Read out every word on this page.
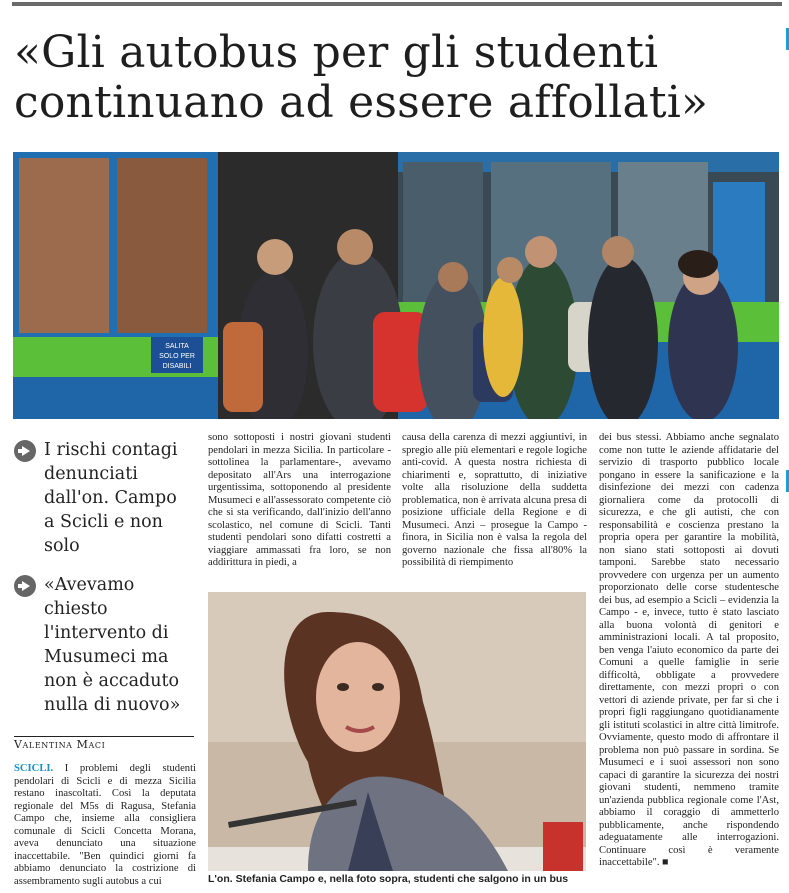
«Gli autobus per gli studenti continuano ad essere affollati»
SALITA
SOLO PER
DISABILI

I rischi contagi denunciati dall'on. Campo a Scicli e non solo

«Avevamo chiesto l'intervento di Musumeci ma non è accaduto nulla di nuovo»

Valentina Maci

SCICLI. I problemi degli studenti pendolari di Scicli e di mezza Sicilia restano inascoltati. Così la deputata regionale del M5s di Ragusa, Stefania Campo che, insieme alla consigliera comunale di Scicli Concetta Morana, aveva denunciato una situazione inaccettabile. "Ben quindici giorni fa abbiamo denunciato la costrizione di assembramento sugli autobus a cui

sono sottoposti i nostri giovani studenti pendolari in mezza Sicilia. In particolare - sottolinea la parlamentare-, avevamo depositato all'Ars una interrogazione urgentissima, sottoponendo al presidente Musumeci e all'assessorato competente ciò che si sta verificando, dall'inizio dell'anno scolastico, nel comune di Scicli. Tanti studenti pendolari sono difatti costretti a viaggiare ammassati fra loro, se non addirittura in piedi, a

causa della carenza di mezzi aggiuntivi, in spregio alle più elementari e regole logiche anti-covid. A questa nostra richiesta di chiarimenti e, soprattutto, di iniziative volte alla risoluzione della suddetta problematica, non è arrivata alcuna presa di posizione ufficiale della Regione e di Musumeci. Anzi – prosegue la Campo - finora, in Sicilia non è valsa la regola del governo nazionale che fissa all'80% la possibilità di riempimento

dei bus stessi. Abbiamo anche segnalato come non tutte le aziende affidatarie del servizio di trasporto pubblico locale pongano in essere la sanificazione e la disinfezione dei mezzi con cadenza giornaliera come da protocolli di sicurezza, e che gli autisti, che con responsabilità e coscienza prestano la propria opera per garantire la mobilità, non siano stati sottoposti ai dovuti tamponi. Sarebbe stato necessario provvedere con urgenza per un aumento proporzionato delle corse studentesche dei bus, ad esempio a Scicli – evidenzia la Campo - e, invece, tutto è stato lasciato alla buona volontà di genitori e amministrazioni locali. A tal proposito, ben venga l'aiuto economico da parte dei Comuni a quelle famiglie in serie difficoltà, obbligate a provvedere direttamente, con mezzi propri o con vettori di aziende private, per far sì che i propri figli raggiungano quotidianamente gli istituti scolastici in altre città limitrofe. Ovviamente, questo modo di affrontare il problema non può passare in sordina. Se Musumeci e i suoi assessori non sono capaci di garantire la sicurezza dei nostri giovani studenti, nemmeno tramite un'azienda pubblica regionale come l'Ast, abbiamo il coraggio di ammetterlo pubblicamente, anche rispondendo adeguatamente alle interrogazioni. Continuare così è veramente inaccettabile". ■

L'on. Stefania Campo e, nella foto sopra, studenti che salgono in un bus
